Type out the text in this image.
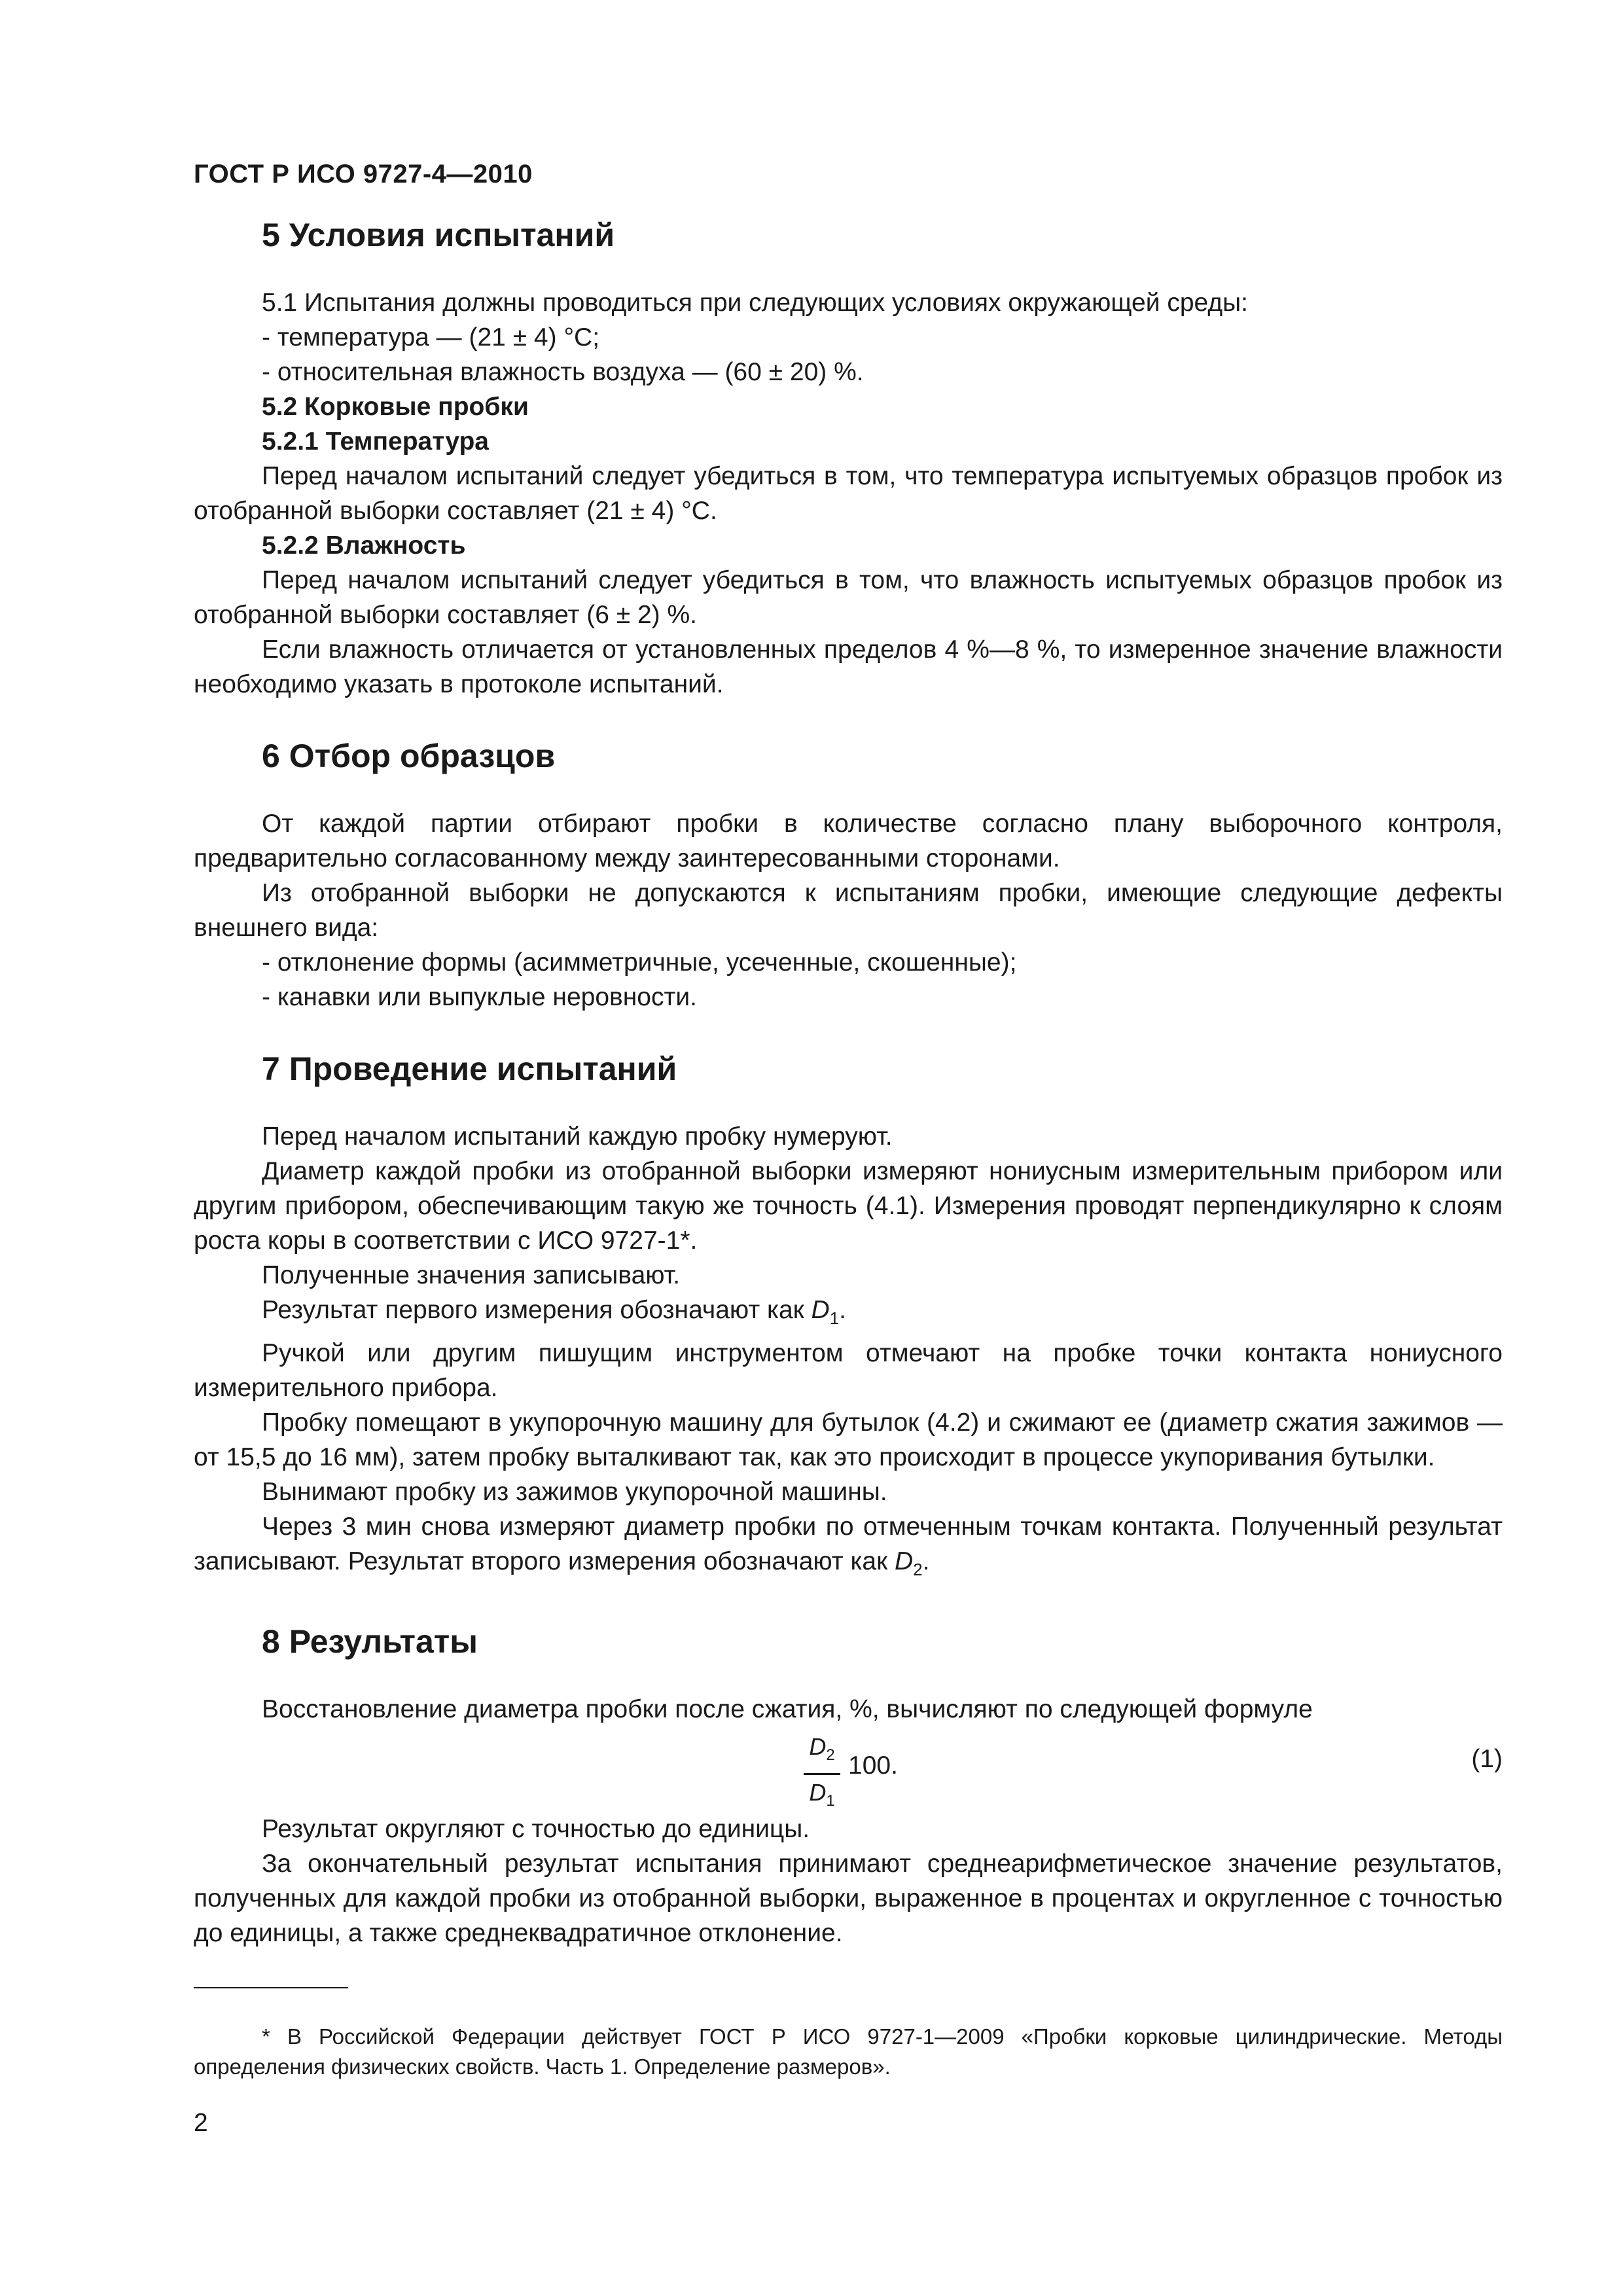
ГОСТ Р ИСО 9727-4—2010
5 Условия испытаний

5.1 Испытания должны проводиться при следующих условиях окружающей среды:

- температура — (21 ± 4) °С;

- относительная влажность воздуха — (60 ± 20) %.

5.2 Корковые пробки

5.2.1 Температура

Перед началом испытаний следует убедиться в том, что температура испытуемых образцов пробок из отобранной выборки составляет (21 ± 4) °С.

5.2.2 Влажность

Перед началом испытаний следует убедиться в том, что влажность испытуемых образцов пробок из отобранной выборки составляет (6 ± 2) %.

Если влажность отличается от установленных пределов 4 %—8 %, то измеренное значение влажности необходимо указать в протоколе испытаний.

6 Отбор образцов

От каждой партии отбирают пробки в количестве согласно плану выборочного контроля, предварительно согласованному между заинтересованными сторонами.

Из отобранной выборки не допускаются к испытаниям пробки, имеющие следующие дефекты внешнего вида:

- отклонение формы (асимметричные, усеченные, скошенные);

- канавки или выпуклые неровности.

7 Проведение испытаний

Перед началом испытаний каждую пробку нумеруют.

Диаметр каждой пробки из отобранной выборки измеряют нониусным измерительным прибором или другим прибором, обеспечивающим такую же точность (4.1). Измерения проводят перпендикулярно к слоям роста коры в соответствии с ИСО 9727-1*.

Полученные значения записывают.

Результат первого измерения обозначают как $D_1$.

Ручкой или другим пишущим инструментом отмечают на пробке точки контакта нониусного измерительного прибора.

Пробку помещают в укупорочную машину для бутылок (4.2) и сжимают ее (диаметр сжатия зажимов — от 15,5 до 16 мм), затем пробку выталкивают так, как это происходит в процессе укупоривания бутылки.

Вынимают пробку из зажимов укупорочной машины.

Через 3 мин снова измеряют диаметр пробки по отмеченным точкам контакта. Полученный результат записывают. Результат второго измерения обозначают как $D_2$.

8 Результаты

Восстановление диаметра пробки после сжатия, %, вычисляют по следующей формуле

$D_2$
$D_1$
100.	(1)

Результат округляют с точностью до единицы.

За окончательный результат испытания принимают среднеарифметическое значение результатов, полученных для каждой пробки из отобранной выборки, выраженное в процентах и округленное с точностью до единицы, а также среднеквадратичное отклонение.

* В Российской Федерации действует ГОСТ Р ИСО 9727-1—2009 «Пробки корковые цилиндрические. Методы определения физических свойств. Часть 1. Определение размеров».

2
